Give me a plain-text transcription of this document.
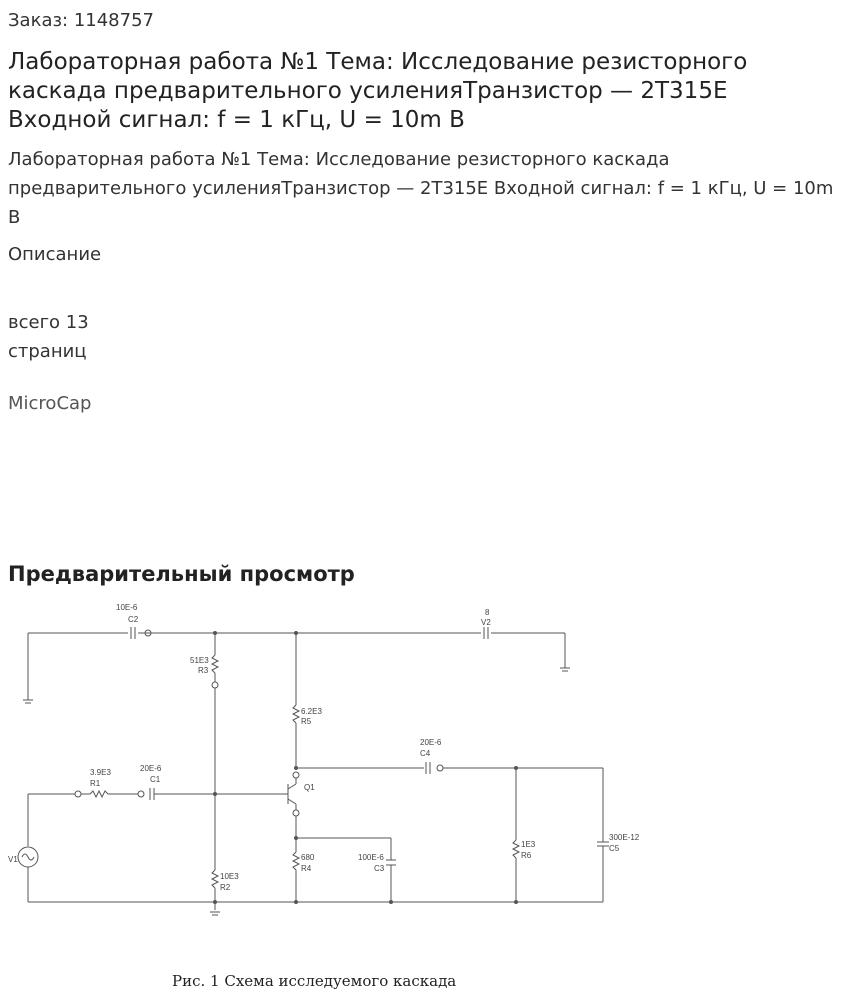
Заказ: 1148757
Лабораторная работа №1 Тема: Исследование резисторного каскада предварительного усиленияТранзистор — 2Т315Е Входной сигнал: f = 1 кГц, U = 10m В
Лабораторная работа №1 Тема: Исследование резисторного каскада предварительного усиленияТранзистор — 2Т315Е Входной сигнал: f = 1 кГц, U = 10m В
Описание
всего 13
страниц
MicroCap
Предварительный просмотр
10E-6
C2
8
V2
51E3
R3
6.2E3
R5
3.9E3
R1
20E-6
C1
Q1
20E-6
C4
V1	680
R4
100E-6
C3
1E3
R6
300E-12
C5
10E3
R2
Рис. 1 Схема исследуемого каскада
